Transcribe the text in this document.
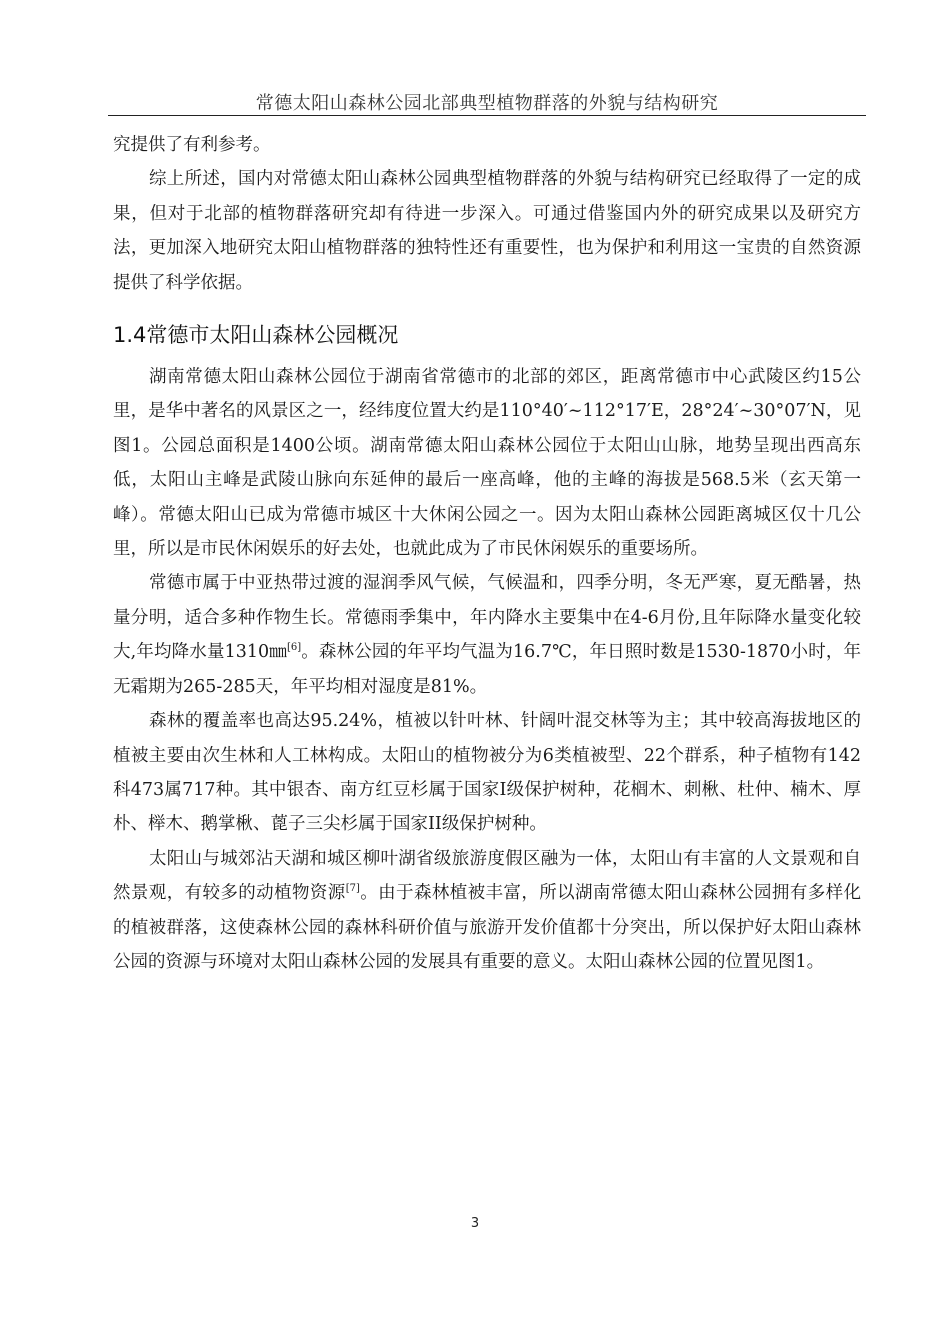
常德太阳山森林公园北部典型植物群落的外貌与结构研究

究提供了有利参考。

综上所述，国内对常德太阳山森林公园典型植物群落的外貌与结构研究已经取得了一定的成果，但对于北部的植物群落研究却有待进一步深入。可通过借鉴国内外的研究成果以及研究方法，更加深入地研究太阳山植物群落的独特性还有重要性，也为保护和利用这一宝贵的自然资源提供了科学依据。

1.4常德市太阳山森林公园概况

湖南常德太阳山森林公园位于湖南省常德市的北部的郊区，距离常德市中心武陵区约15公里，是华中著名的风景区之一，经纬度位置大约是110°40′~112°17′E，28°24′~30°07′N，见图1。公园总面积是1400公顷。湖南常德太阳山森林公园位于太阳山山脉，地势呈现出西高东低，太阳山主峰是武陵山脉向东延伸的最后一座高峰，他的主峰的海拔是568.5米（玄天第一峰）。常德太阳山已成为常德市城区十大休闲公园之一。因为太阳山森林公园距离城区仅十几公里，所以是市民休闲娱乐的好去处，也就此成为了市民休闲娱乐的重要场所。

常德市属于中亚热带过渡的湿润季风气候，气候温和，四季分明，冬无严寒，夏无酷暑，热量分明，适合多种作物生长。常德雨季集中，年内降水主要集中在4-6月份,且年际降水量变化较大,年均降水量1310㎜[6]。森林公园的年平均气温为16.7℃，年日照时数是1530-1870小时，年无霜期为265-285天，年平均相对湿度是81%。

森林的覆盖率也高达95.24%，植被以针叶林、针阔叶混交林等为主；其中较高海拔地区的植被主要由次生林和人工林构成。太阳山的植物被分为6类植被型、22个群系，种子植物有142科473属717种。其中银杏、南方红豆杉属于国家I级保护树种，花榈木、刺楸、杜仲、楠木、厚朴、榉木、鹅掌楸、蓖子三尖杉属于国家II级保护树种。

太阳山与城郊沾天湖和城区柳叶湖省级旅游度假区融为一体，太阳山有丰富的人文景观和自然景观，有较多的动植物资源[7]。由于森林植被丰富，所以湖南常德太阳山森林公园拥有多样化的植被群落，这使森林公园的森林科研价值与旅游开发价值都十分突出，所以保护好太阳山森林公园的资源与环境对太阳山森林公园的发展具有重要的意义。太阳山森林公园的位置见图1。

3
